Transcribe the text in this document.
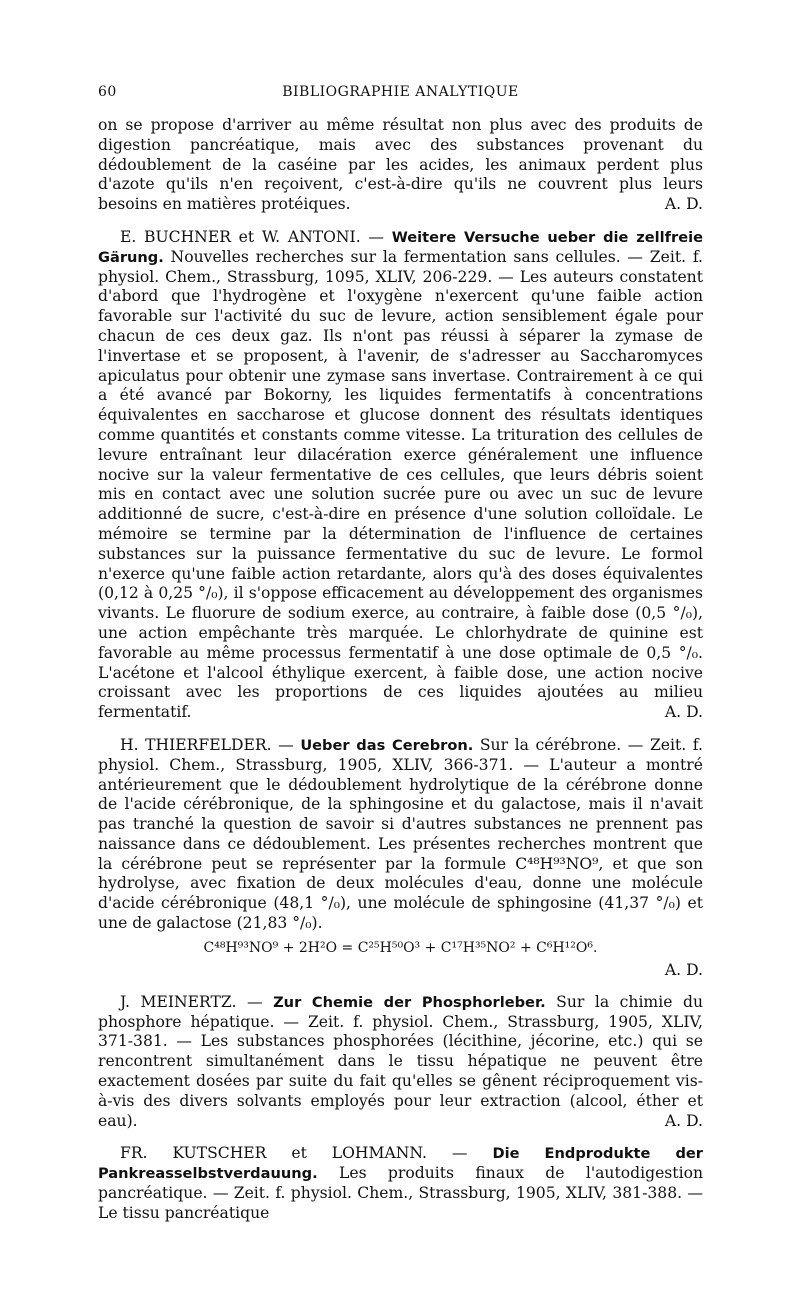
60	BIBLIOGRAPHIE ANALYTIQUE

on se propose d'arriver au même résultat non plus avec des produits de digestion pancréatique, mais avec des substances provenant du dédoublement de la caséine par les acides, les animaux perdent plus d'azote qu'ils n'en reçoivent, c'est-à-dire qu'ils ne couvrent plus leurs besoins en matières protéiques.	A. D.

E. BUCHNER et W. ANTONI. — Weitere Versuche ueber die zellfreie Gärung. Nouvelles recherches sur la fermentation sans cellules. — Zeit. f. physiol. Chem., Strassburg, 1095, XLIV, 206-229. — Les auteurs constatent d'abord que l'hydrogène et l'oxygène n'exercent qu'une faible action favorable sur l'activité du suc de levure, action sensiblement égale pour chacun de ces deux gaz. Ils n'ont pas réussi à séparer la zymase de l'invertase et se proposent, à l'avenir, de s'adresser au Saccharomyces apiculatus pour obtenir une zymase sans invertase. Contrairement à ce qui a été avancé par Bokorny, les liquides fermentatifs à concentrations équivalentes en saccharose et glucose donnent des résultats identiques comme quantités et constants comme vitesse. La trituration des cellules de levure entraînant leur dilacération exerce généralement une influence nocive sur la valeur fermentative de ces cellules, que leurs débris soient mis en contact avec une solution sucrée pure ou avec un suc de levure additionné de sucre, c'est-à-dire en présence d'une solution colloïdale. Le mémoire se termine par la détermination de l'influence de certaines substances sur la puissance fermentative du suc de levure. Le formol n'exerce qu'une faible action retardante, alors qu'à des doses équivalentes (0,12 à 0,25 °/₀), il s'oppose efficacement au développement des organismes vivants. Le fluorure de sodium exerce, au contraire, à faible dose (0,5 °/₀), une action empêchante très marquée. Le chlorhydrate de quinine est favorable au même processus fermentatif à une dose optimale de 0,5 °/₀. L'acétone et l'alcool éthylique exercent, à faible dose, une action nocive croissant avec les proportions de ces liquides ajoutées au milieu fermentatif.	A. D.

H. THIERFELDER. — Ueber das Cerebron. Sur la cérébrone. — Zeit. f. physiol. Chem., Strassburg, 1905, XLIV, 366-371. — L'auteur a montré antérieurement que le dédoublement hydrolytique de la cérébrone donne de l'acide cérébronique, de la sphingosine et du galactose, mais il n'avait pas tranché la question de savoir si d'autres substances ne prennent pas naissance dans ce dédoublement. Les présentes recherches montrent que la cérébrone peut se représenter par la formule C⁴⁸H⁹³NO⁹, et que son hydrolyse, avec fixation de deux molécules d'eau, donne une molécule d'acide cérébronique (48,1 °/₀), une molécule de sphingosine (41,37 °/₀) et une de galactose (21,83 °/₀).

C⁴⁸H⁹³NO⁹ + 2H²O = C²⁵H⁵⁰O³ + C¹⁷H³⁵NO² + C⁶H¹²O⁶.
A. D.

J. MEINERTZ. — Zur Chemie der Phosphorleber. Sur la chimie du phosphore hépatique. — Zeit. f. physiol. Chem., Strassburg, 1905, XLIV, 371-381. — Les substances phosphorées (lécithine, jécorine, etc.) qui se rencontrent simultanément dans le tissu hépatique ne peuvent être exactement dosées par suite du fait qu'elles se gênent réciproquement vis-à-vis des divers solvants employés pour leur extraction (alcool, éther et eau).	A. D.

FR. KUTSCHER et LOHMANN. — Die Endprodukte der Pankreasselbstverdauung. Les produits finaux de l'autodigestion pancréatique. — Zeit. f. physiol. Chem., Strassburg, 1905, XLIV, 381-388. — Le tissu pancréatique
